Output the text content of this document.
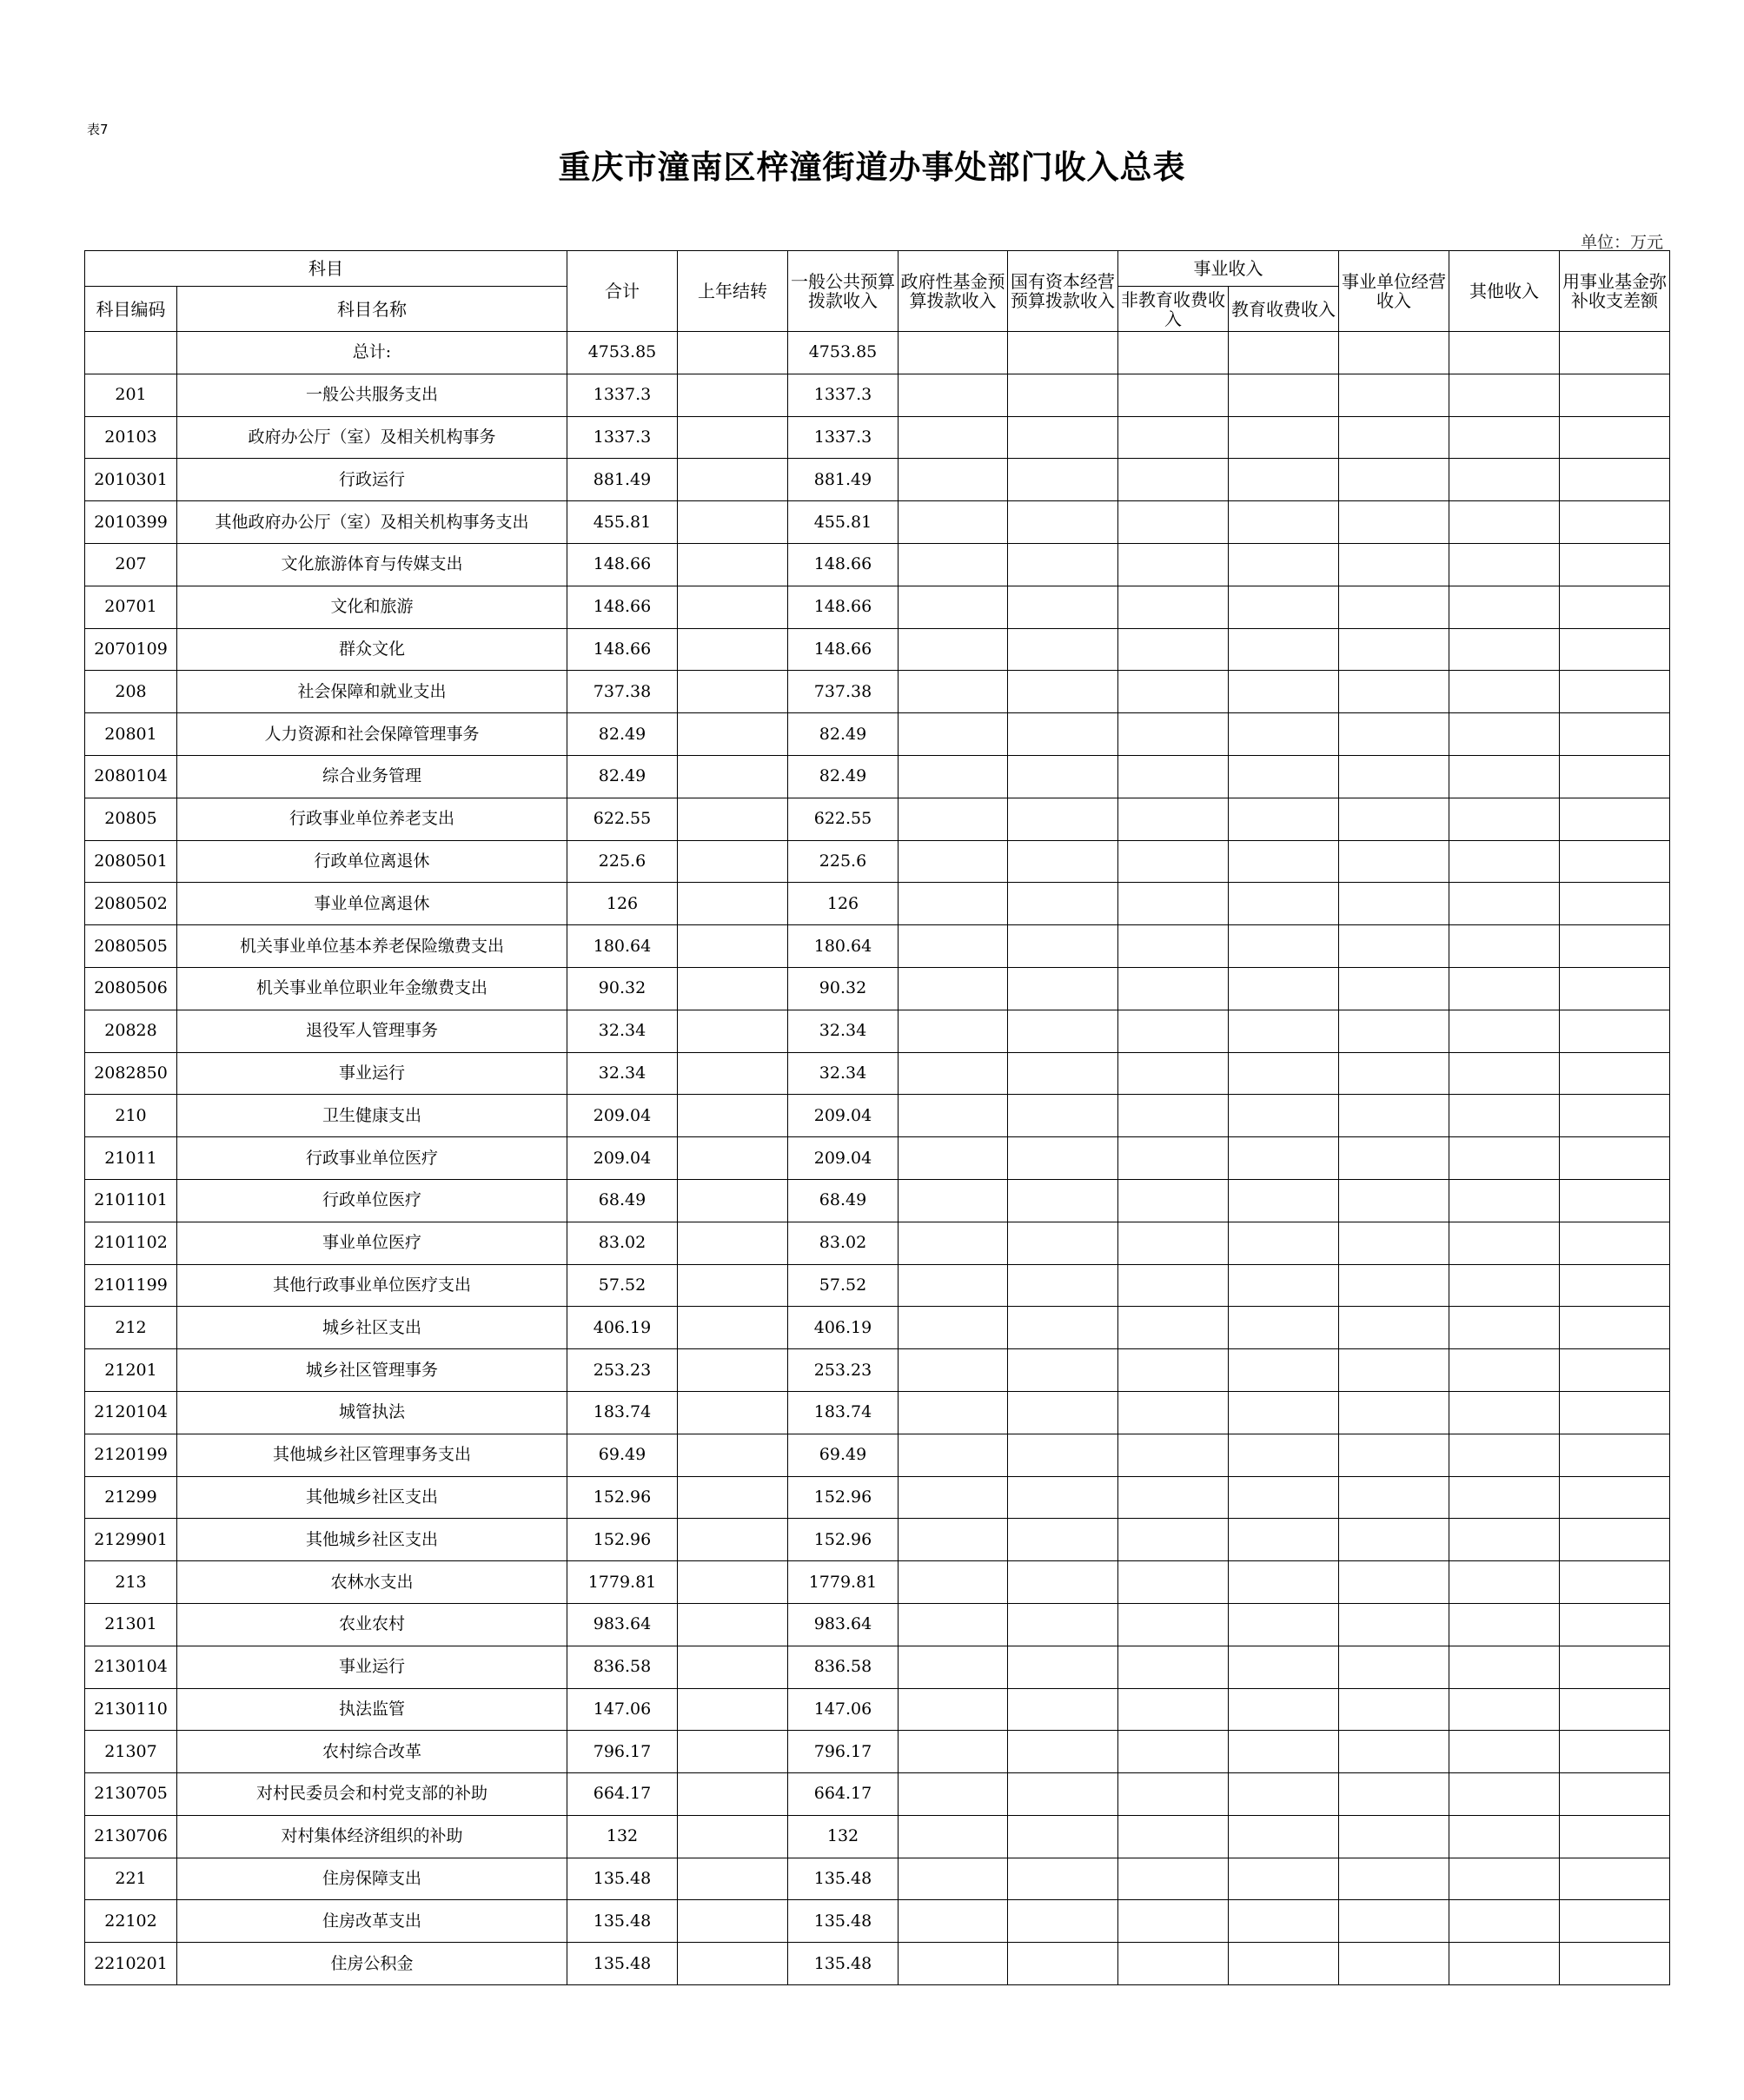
表7
重庆市潼南区梓潼街道办事处部门收入总表
单位：万元
科目		合计	上年结转	一般公共预算拨款收入	政府性基金预算拨款收入	国有资本经营预算拨款收入	事业收入		事业单位经营收入	其他收入	用事业基金弥补收支差额
科目编码	科目名称						非教育收费收入	教育收费收入			
	总计:	4753.85		4753.85							
201	一般公共服务支出	1337.3		1337.3							
20103	政府办公厅（室）及相关机构事务	1337.3		1337.3							
2010301	行政运行	881.49		881.49							
2010399	其他政府办公厅（室）及相关机构事务支出	455.81		455.81							
207	文化旅游体育与传媒支出	148.66		148.66							
20701	文化和旅游	148.66		148.66							
2070109	群众文化	148.66		148.66							
208	社会保障和就业支出	737.38		737.38							
20801	人力资源和社会保障管理事务	82.49		82.49							
2080104	综合业务管理	82.49		82.49							
20805	行政事业单位养老支出	622.55		622.55							
2080501	行政单位离退休	225.6		225.6							
2080502	事业单位离退休	126		126							
2080505	机关事业单位基本养老保险缴费支出	180.64		180.64							
2080506	机关事业单位职业年金缴费支出	90.32		90.32							
20828	退役军人管理事务	32.34		32.34							
2082850	事业运行	32.34		32.34							
210	卫生健康支出	209.04		209.04							
21011	行政事业单位医疗	209.04		209.04							
2101101	行政单位医疗	68.49		68.49							
2101102	事业单位医疗	83.02		83.02							
2101199	其他行政事业单位医疗支出	57.52		57.52							
212	城乡社区支出	406.19		406.19							
21201	城乡社区管理事务	253.23		253.23							
2120104	城管执法	183.74		183.74							
2120199	其他城乡社区管理事务支出	69.49		69.49							
21299	其他城乡社区支出	152.96		152.96							
2129901	其他城乡社区支出	152.96		152.96							
213	农林水支出	1779.81		1779.81							
21301	农业农村	983.64		983.64							
2130104	事业运行	836.58		836.58							
2130110	执法监管	147.06		147.06							
21307	农村综合改革	796.17		796.17							
2130705	对村民委员会和村党支部的补助	664.17		664.17							
2130706	对村集体经济组织的补助	132		132							
221	住房保障支出	135.48		135.48							
22102	住房改革支出	135.48		135.48							
2210201	住房公积金	135.48		135.48							
